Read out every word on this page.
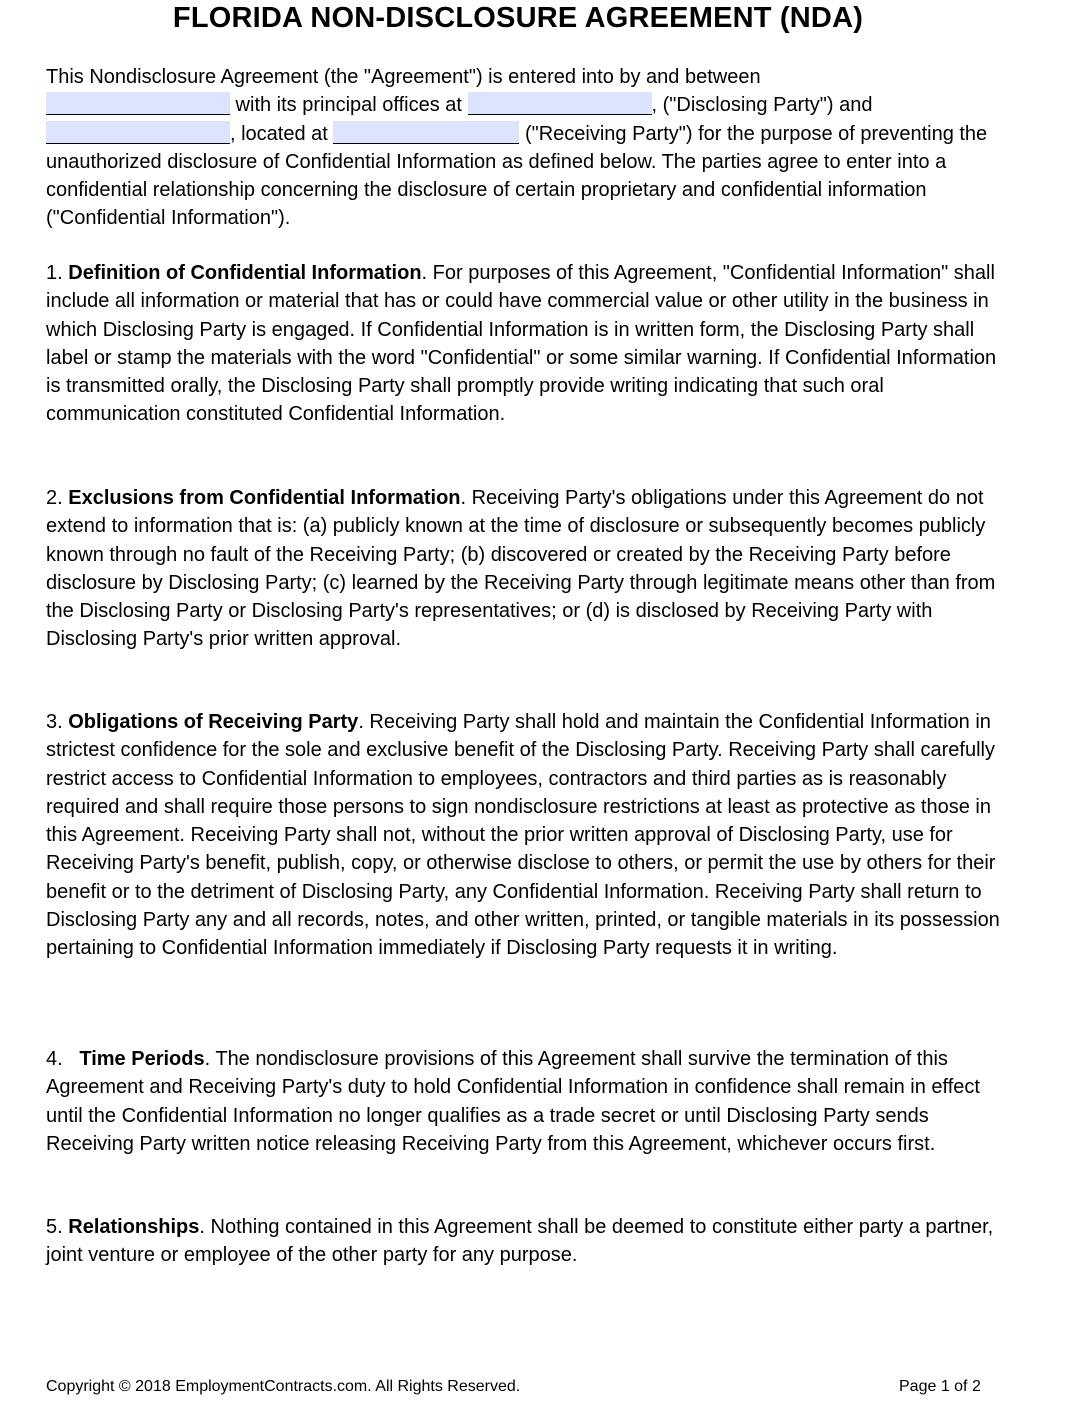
FLORIDA NON-DISCLOSURE AGREEMENT (NDA)

This Nondisclosure Agreement (the "Agreement") is entered into by and between
with its principal offices at	, ("Disclosing Party") and
, located at	("Receiving Party") for the purpose of preventing the unauthorized disclosure of Confidential Information as defined below. The parties agree to enter into a confidential relationship concerning the disclosure of certain proprietary and confidential information ("Confidential Information").

1. Definition of Confidential Information. For purposes of this Agreement, "Confidential Information" shall include all information or material that has or could have commercial value or other utility in the business in which Disclosing Party is engaged. If Confidential Information is in written form, the Disclosing Party shall label or stamp the materials with the word "Confidential" or some similar warning. If Confidential Information is transmitted orally, the Disclosing Party shall promptly provide writing indicating that such oral communication constituted Confidential Information.

2. Exclusions from Confidential Information. Receiving Party's obligations under this Agreement do not extend to information that is: (a) publicly known at the time of disclosure or subsequently becomes publicly known through no fault of the Receiving Party; (b) discovered or created by the Receiving Party before disclosure by Disclosing Party; (c) learned by the Receiving Party through legitimate means other than from the Disclosing Party or Disclosing Party's representatives; or (d) is disclosed by Receiving Party with Disclosing Party's prior written approval.

3. Obligations of Receiving Party. Receiving Party shall hold and maintain the Confidential Information in strictest confidence for the sole and exclusive benefit of the Disclosing Party. Receiving Party shall carefully restrict access to Confidential Information to employees, contractors and third parties as is reasonably required and shall require those persons to sign nondisclosure restrictions at least as protective as those in this Agreement. Receiving Party shall not, without the prior written approval of Disclosing Party, use for Receiving Party's benefit, publish, copy, or otherwise disclose to others, or permit the use by others for their benefit or to the detriment of Disclosing Party, any Confidential Information. Receiving Party shall return to Disclosing Party any and all records, notes, and other written, printed, or tangible materials in its possession pertaining to Confidential Information immediately if Disclosing Party requests it in writing.

4.   Time Periods. The nondisclosure provisions of this Agreement shall survive the termination of this Agreement and Receiving Party's duty to hold Confidential Information in confidence shall remain in effect until the Confidential Information no longer qualifies as a trade secret or until Disclosing Party sends Receiving Party written notice releasing Receiving Party from this Agreement, whichever occurs first.

5. Relationships. Nothing contained in this Agreement shall be deemed to constitute either party a partner, joint venture or employee of the other party for any purpose.

Copyright © 2018 EmploymentContracts.com. All Rights Reserved.	Page 1 of 2
